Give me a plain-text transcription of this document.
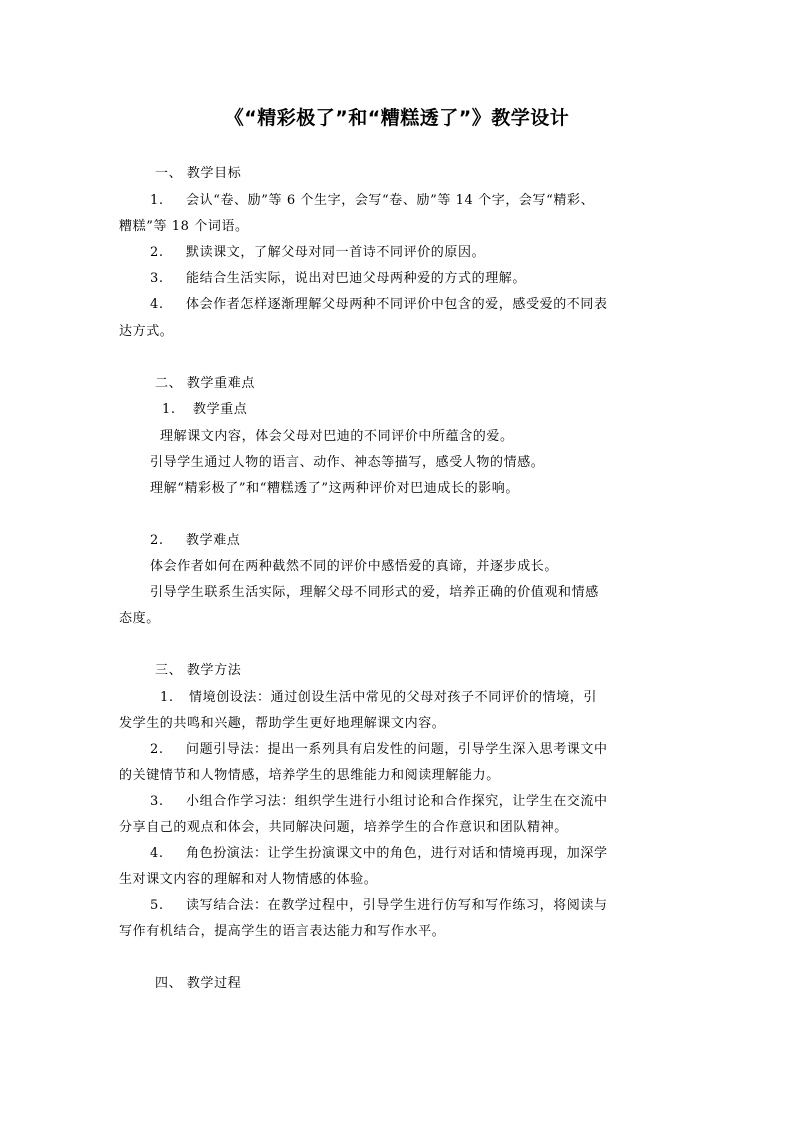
《“精彩极了”和“糟糕透了”》教学设计
一、 教学目标
1. 会认“卷、励”等 6 个生字，会写“卷、励”等 14 个字，会写“精彩、
糟糕”等 18 个词语。
2. 默读课文，了解父母对同一首诗不同评价的原因。
3. 能结合生活实际，说出对巴迪父母两种爱的方式的理解。
4. 体会作者怎样逐渐理解父母两种不同评价中包含的爱，感受爱的不同表
达方式。
二、 教学重难点
1. 教学重点
理解课文内容，体会父母对巴迪的不同评价中所蕴含的爱。
引导学生通过人物的语言、动作、神态等描写，感受人物的情感。
理解“精彩极了”和“糟糕透了”这两种评价对巴迪成长的影响。
2. 教学难点
体会作者如何在两种截然不同的评价中感悟爱的真谛，并逐步成长。
引导学生联系生活实际，理解父母不同形式的爱，培养正确的价值观和情感
态度。
三、 教学方法
1. 情境创设法：通过创设生活中常见的父母对孩子不同评价的情境，引
发学生的共鸣和兴趣，帮助学生更好地理解课文内容。
2. 问题引导法：提出一系列具有启发性的问题，引导学生深入思考课文中
的关键情节和人物情感，培养学生的思维能力和阅读理解能力。
3. 小组合作学习法：组织学生进行小组讨论和合作探究，让学生在交流中
分享自己的观点和体会，共同解决问题，培养学生的合作意识和团队精神。
4. 角色扮演法：让学生扮演课文中的角色，进行对话和情境再现，加深学
生对课文内容的理解和对人物情感的体验。
5. 读写结合法：在教学过程中，引导学生进行仿写和写作练习，将阅读与
写作有机结合，提高学生的语言表达能力和写作水平。
四、 教学过程
